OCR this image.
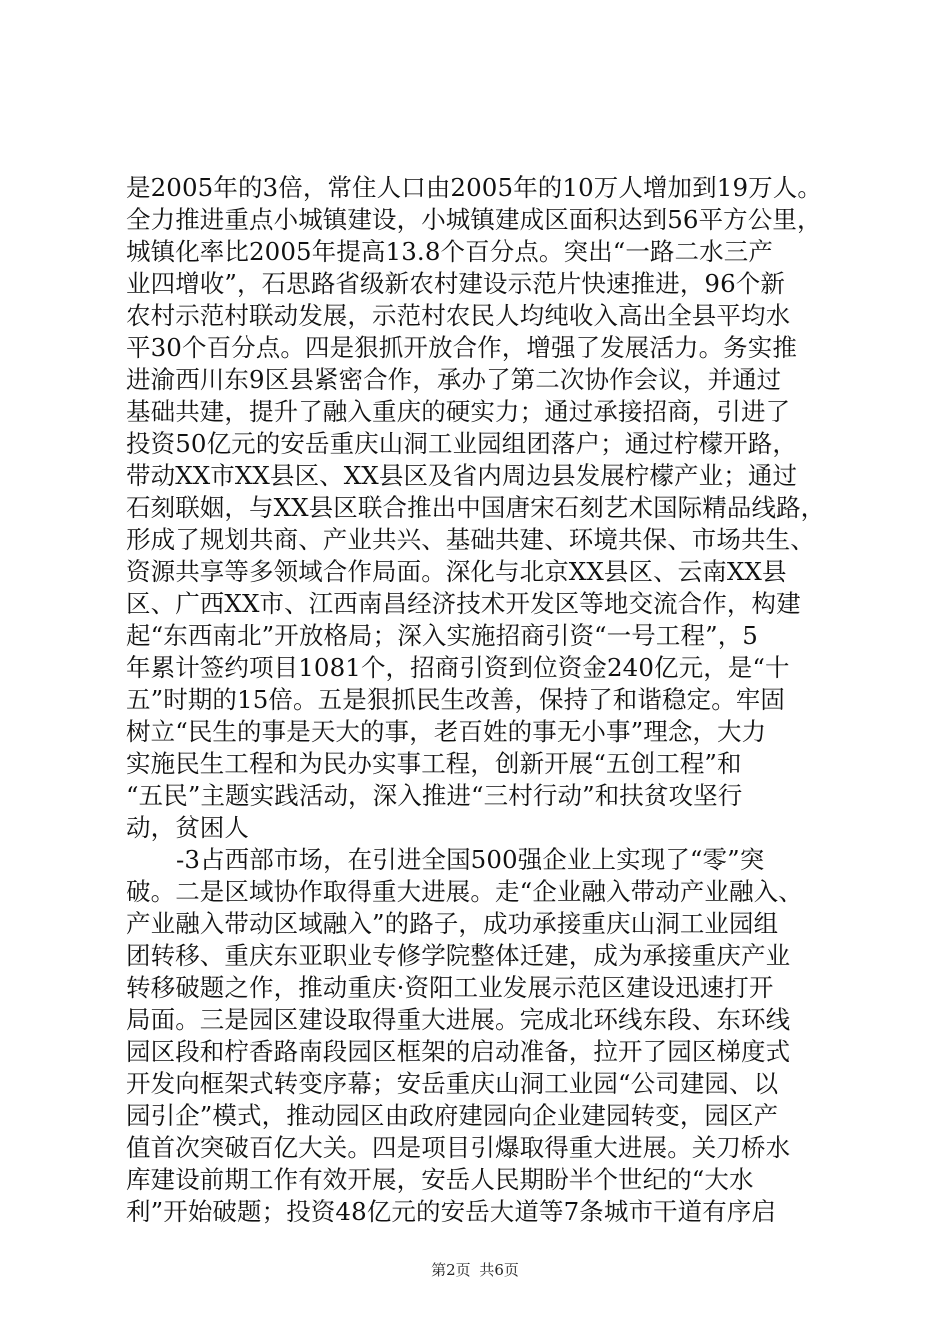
是2005年的3倍，常住人口由2005年的10万人增加到19万人。
全力推进重点小城镇建设，小城镇建成区面积达到56平方公里，
城镇化率比2005年提高13.8个百分点。突出“一路二水三产
业四增收”，石思路省级新农村建设示范片快速推进，96个新
农村示范村联动发展，示范村农民人均纯收入高出全县平均水
平30个百分点。四是狠抓开放合作，增强了发展活力。务实推
进渝西川东9区县紧密合作，承办了第二次协作会议，并通过
基础共建，提升了融入重庆的硬实力；通过承接招商，引进了
投资50亿元的安岳重庆山洞工业园组团落户；通过柠檬开路，
带动XX市XX县区、XX县区及省内周边县发展柠檬产业；通过
石刻联姻，与XX县区联合推出中国唐宋石刻艺术国际精品线路，
形成了规划共商、产业共兴、基础共建、环境共保、市场共生、
资源共享等多领域合作局面。深化与北京XX县区、云南XX县
区、广西XX市、江西南昌经济技术开发区等地交流合作，构建
起“东西南北”开放格局；深入实施招商引资“一号工程”，5
年累计签约项目1081个，招商引资到位资金240亿元，是“十
五”时期的15倍。五是狠抓民生改善，保持了和谐稳定。牢固
树立“民生的事是天大的事，老百姓的事无小事”理念，大力
实施民生工程和为民办实事工程，创新开展“五创工程”和
“五民”主题实践活动，深入推进“三村行动”和扶贫攻坚行
动，贫困人
-3占西部市场，在引进全国500强企业上实现了“零”突
破。二是区域协作取得重大进展。走“企业融入带动产业融入、
产业融入带动区域融入”的路子，成功承接重庆山洞工业园组
团转移、重庆东亚职业专修学院整体迁建，成为承接重庆产业
转移破题之作，推动重庆·资阳工业发展示范区建设迅速打开
局面。三是园区建设取得重大进展。完成北环线东段、东环线
园区段和柠香路南段园区框架的启动准备，拉开了园区梯度式
开发向框架式转变序幕；安岳重庆山洞工业园“公司建园、以
园引企”模式，推动园区由政府建园向企业建园转变，园区产
值首次突破百亿大关。四是项目引爆取得重大进展。关刀桥水
库建设前期工作有效开展，安岳人民期盼半个世纪的“大水
利”开始破题；投资48亿元的安岳大道等7条城市干道有序启
第2页 共6页
